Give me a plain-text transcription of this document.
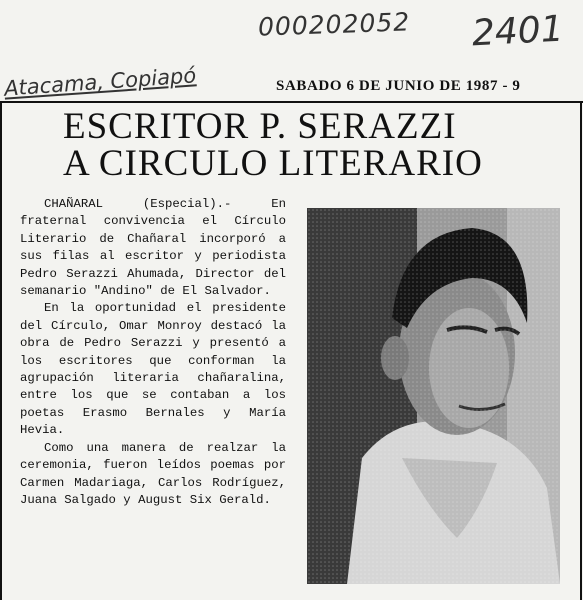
000202052 2401
Atacama, Copiapó	SABADO 6 DE JUNIO DE 1987 - 9
ESCRITOR P. SERAZZI
A CIRCULO LITERARIO

CHAÑARAL (Especial).- En fraternal convivencia el Círculo Literario de Chañaral incorporó a sus filas al escritor y periodista Pedro Serazzi Ahumada, Director del semanario "Andino" de El Salvador.

En la oportunidad el presidente del Círculo, Omar Monroy destacó la obra de Pedro Serazzi y presentó a los escritores que conforman la agrupación literaria chañaralina, entre los que se contaban a los poetas Erasmo Bernales y María Hevia.

Como una manera de realzar la ceremonia, fueron leídos poemas por Carmen Madariaga, Carlos Rodríguez, Juana Salgado y August Six Gerald.
